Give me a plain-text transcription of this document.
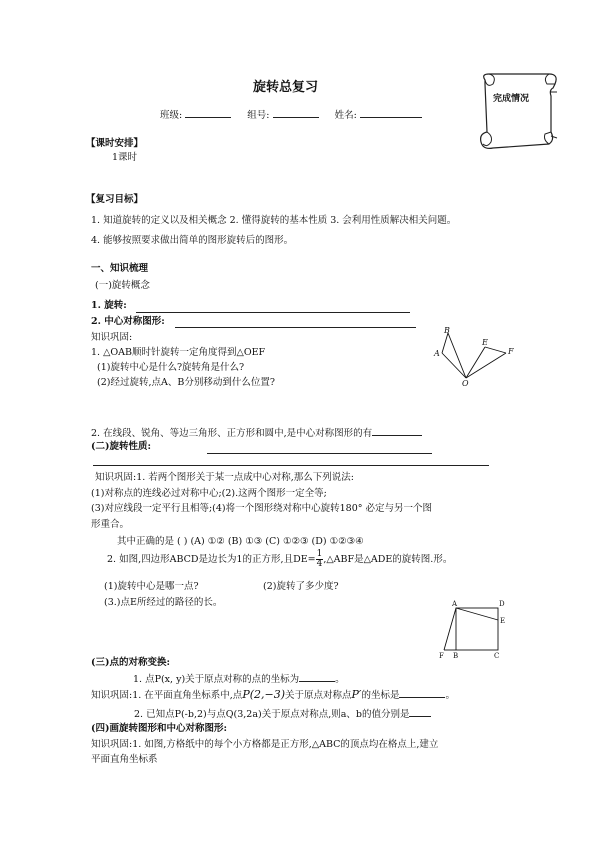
旋转总复习
班级:	组号:	姓名:
完成情况
【课时安排】
1课时
【复习目标】
1. 知道旋转的定义以及相关概念 2. 懂得旋转的基本性质 3. 会利用性质解决相关问题。
4. 能够按照要求做出简单的图形旋转后的图形。
一、知识梳理
(一)旋转概念
1. 旋转:
2. 中心对称图形:
知识巩固:
1. △OAB顺时针旋转一定角度得到△OEF
(1)旋转中心是什么?旋转角是什么?
(2)经过旋转,点A、B分别移动到什么位置?
B
A
E
F
O
2. 在线段、锐角、等边三角形、正方形和圆中,是中心对称图形的有
(二)旋转性质:
知识巩固:1. 若两个图形关于某一点成中心对称,那么下列说法:
(1)对称点的连线必过对称中心;(2).这两个图形一定全等;
(3)对应线段一定平行且相等;(4)将一个图形绕对称中心旋转180° 必定与另一个图
形重合。
其中正确的是 ( ) (A) ①② (B) ①③ (C) ①②③ (D) ①②③④
2. 如图,四边形ABCD是边长为1的正方形,且$DE= \frac{1}{4}$ ,△ABF是△ADE的旋转图.形。
(1)旋转中心是哪一点?	(2)旋转了多少度?
(3.)点E所经过的路径的长。	A	D
E
F B	C
(三)点的对称变换:
1. 点P(x, y)关于原点对称的点的坐标为	。
知识巩固:1. 在平面直角坐标系中,点P(2,−3)关于原点对称点P′的坐标是	。
2. 已知点P(-b,2)与点Q(3,2a)关于原点对称点,则a、b的值分别是
(四)画旋转图形和中心对称图形:
知识巩固:1. 如图,方格纸中的每个小方格都是正方形,△ABC的顶点均在格点上,建立
平面直角坐标系
